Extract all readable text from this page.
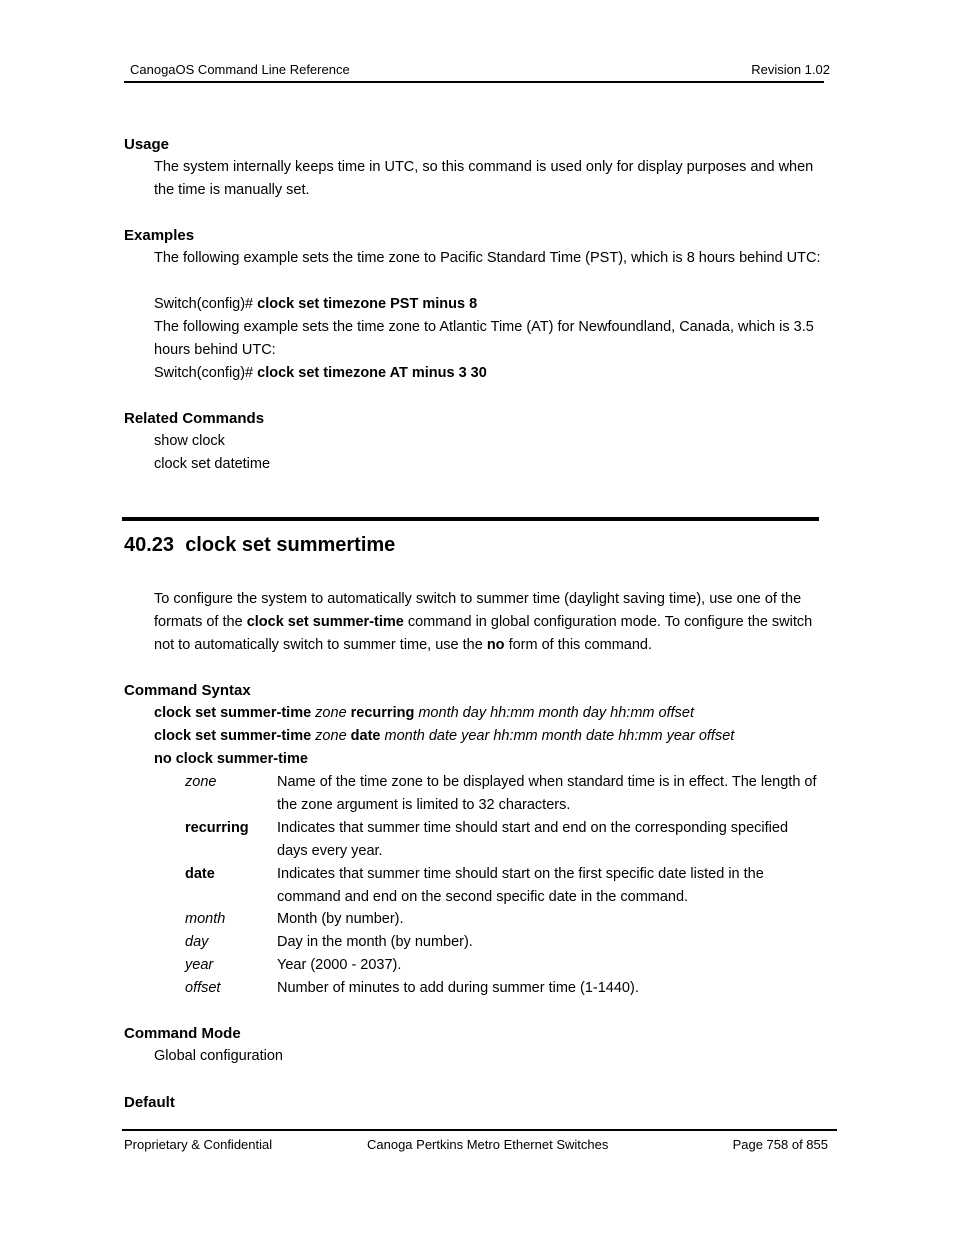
CanogaOS Command Line Reference	Revision 1.02
Usage
The system internally keeps time in UTC, so this command is used only for display purposes and when the time is manually set.
Examples
The following example sets the time zone to Pacific Standard Time (PST), which is 8 hours behind UTC:
Switch(config)# clock set timezone PST minus 8
The following example sets the time zone to Atlantic Time (AT) for Newfoundland, Canada, which is 3.5 hours behind UTC:
Switch(config)# clock set timezone AT minus 3 30
Related Commands
show clock
clock set datetime
40.23 clock set summertime
To configure the system to automatically switch to summer time (daylight saving time), use one of the formats of the clock set summer-time command in global configuration mode. To configure the switch not to automatically switch to summer time, use the no form of this command.
Command Syntax
clock set summer-time zone recurring month day hh:mm month day hh:mm offset
clock set summer-time zone date month date year hh:mm month date hh:mm year offset
no clock summer-time
zone	Name of the time zone to be displayed when standard time is in effect. The length of the zone argument is limited to 32 characters.
recurring Indicates that summer time should start and end on the corresponding specified days every year.
date	Indicates that summer time should start on the first specific date listed in the command and end on the second specific date in the command.
month	Month (by number).
day	Day in the month (by number).
year	Year (2000 - 2037).
offset	Number of minutes to add during summer time (1-1440).
Command Mode
Global configuration
Default
Proprietary & Confidential	Canoga Pertkins Metro Ethernet Switches	Page 758 of 855
